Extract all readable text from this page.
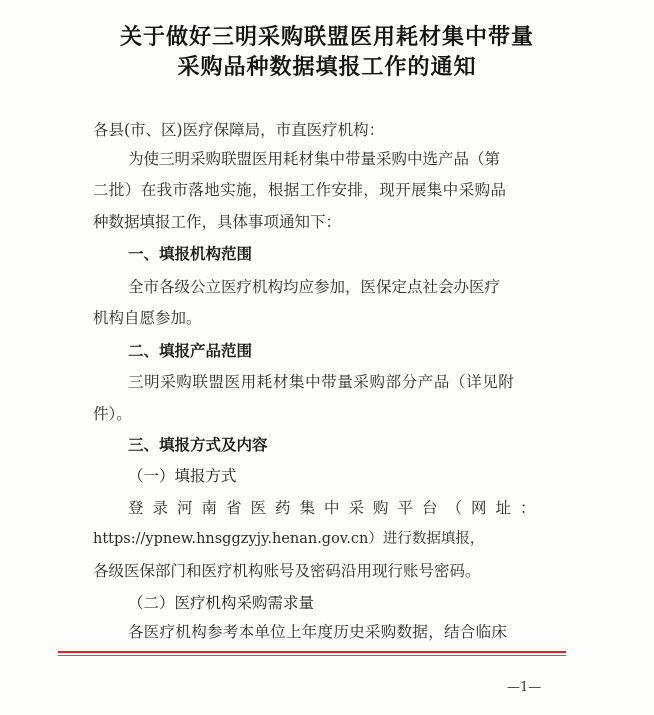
关于做好三明采购联盟医用耗材集中带量
采购品种数据填报工作的通知
各县(市、区)医疗保障局，市直医疗机构：
为使三明采购联盟医用耗材集中带量采购中选产品（第
二批）在我市落地实施，根据工作安排，现开展集中采购品
种数据填报工作，具体事项通知下：
一、填报机构范围
全市各级公立医疗机构均应参加，医保定点社会办医疗
机构自愿参加。
二、填报产品范围
三明采购联盟医用耗材集中带量采购部分产品（详见附
件）。
三、填报方式及内容
（一）填报方式
登录河南省医药集中采购平台（网址：
https://ypnew.hnsggzyjy.henan.gov.cn）进行数据填报，
各级医保部门和医疗机构账号及密码沿用现行账号密码。
（二）医疗机构采购需求量
各医疗机构参考本单位上年度历史采购数据，结合临床
—1—
